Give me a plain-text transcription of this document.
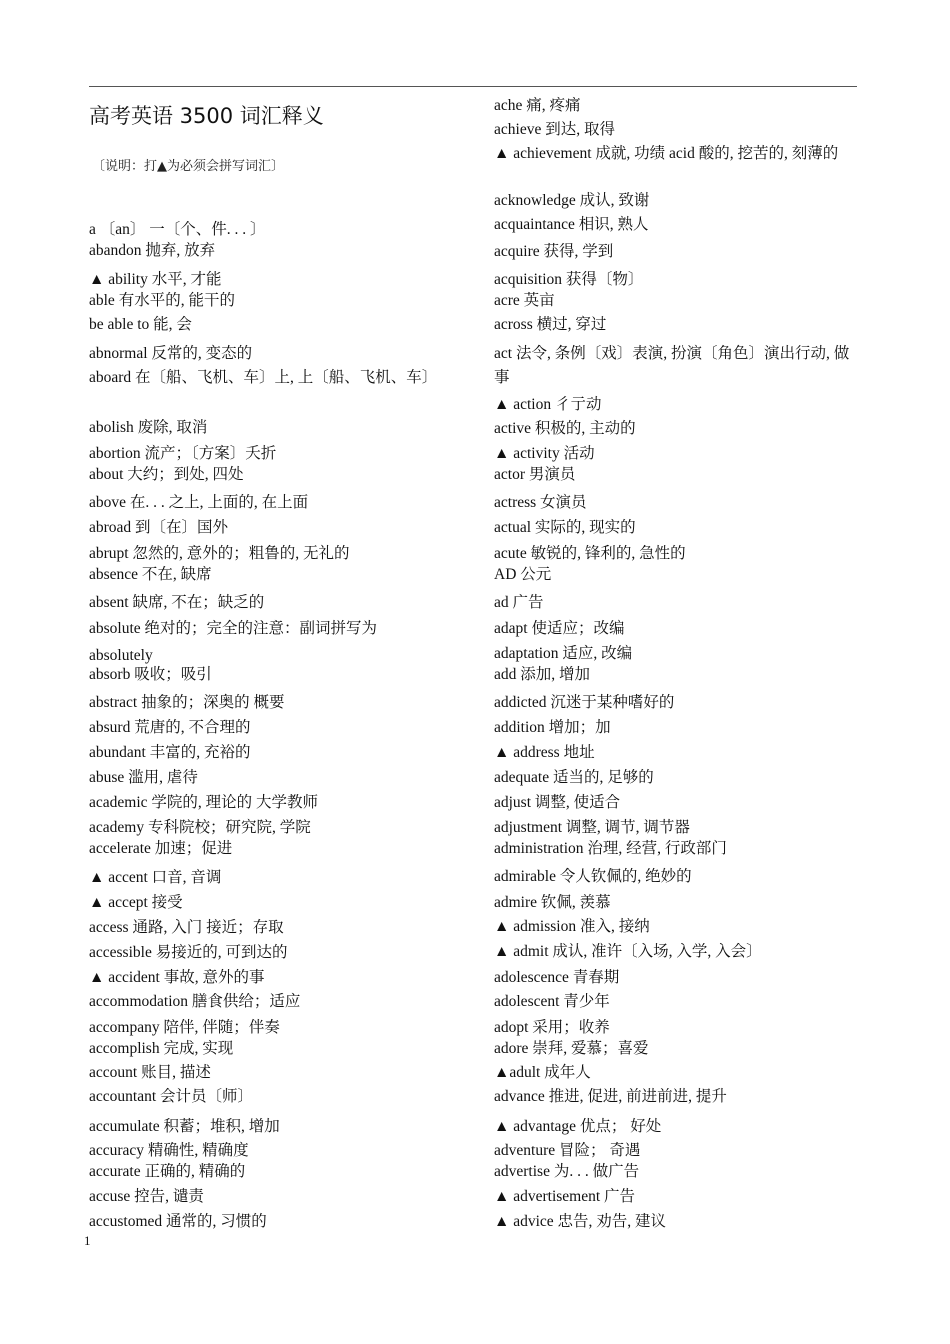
高考英语 3500 词汇释义
〔说明：打▲为必须会拼写词汇〕
a 〔an〕 一〔个、件. . . 〕
abandon 抛弃, 放弃
▲ ability 水平, 才能
able 有水平的, 能干的
be able to 能, 会
abnormal 反常的, 变态的
aboard 在〔船、飞机、车〕上, 上〔船、飞机、车〕
abolish 废除, 取消
abortion 流产；〔方案〕夭折
about 大约；到处, 四处
above 在. . . 之上, 上面的, 在上面
abroad 到〔在〕国外
abrupt 忽然的, 意外的；粗鲁的, 无礼的
absence 不在, 缺席
absent 缺席, 不在；缺乏的
absolute 绝对的；完全的注意：副词拼写为
absolutely
absorb 吸收；吸引
abstract 抽象的；深奥的 概要
absurd 荒唐的, 不合理的
abundant 丰富的, 充裕的
abuse 滥用, 虐待
academic 学院的, 理论的 大学教师
academy 专科院校；研究院, 学院
accelerate 加速；促进
▲ accent 口音, 音调
▲ accept 接受
access 通路, 入门 接近；存取
accessible 易接近的, 可到达的
▲ accident 事故, 意外的事
accommodation 膳食供给；适应
accompany 陪伴, 伴随；伴奏
accomplish 完成, 实现
account 账目, 描述
accountant 会计员〔师〕
accumulate 积蓄；堆积, 增加
accuracy 精确性, 精确度
accurate 正确的, 精确的
accuse 控告, 谴责
accustomed 通常的, 习惯的
ache 痛, 疼痛
achieve 到达, 取得
▲ achievement 成就, 功绩 acid 酸的, 挖苦的, 刻薄的
acknowledge 成认, 致谢
acquaintance 相识, 熟人
acquire 获得, 学到
acquisition 获得〔物〕
acre 英亩
across 横过, 穿过
act 法令, 条例〔戏〕表演, 扮演〔角色〕演出行动, 做事
▲ action 彳亍动
active 积极的, 主动的
▲ activity 活动
actor 男演员
actress 女演员
actual 实际的, 现实的
acute 敏锐的, 锋利的, 急性的
AD 公元
ad 广告
adapt 使适应；改编
adaptation 适应, 改编
add 添加, 增加
addicted 沉迷于某种嗜好的
addition 增加；加
▲ address 地址
adequate 适当的, 足够的
adjust 调整, 使适合
adjustment 调整, 调节, 调节器
administration 治理, 经营, 行政部门
admirable 令人钦佩的, 绝妙的
admire 钦佩, 羡慕
▲ admission 准入, 接纳
▲ admit 成认, 准许〔入场, 入学, 入会〕
adolescence 青春期
adolescent 青少年
adopt 采用；收养
adore 崇拜, 爱慕；喜爱
▲adult 成年人
advance 推进, 促进, 前进前进, 提升
▲ advantage 优点； 好处
adventure 冒险； 奇遇
advertise 为. . . 做广告
▲ advertisement 广告
▲ advice 忠告, 劝告, 建议
1
